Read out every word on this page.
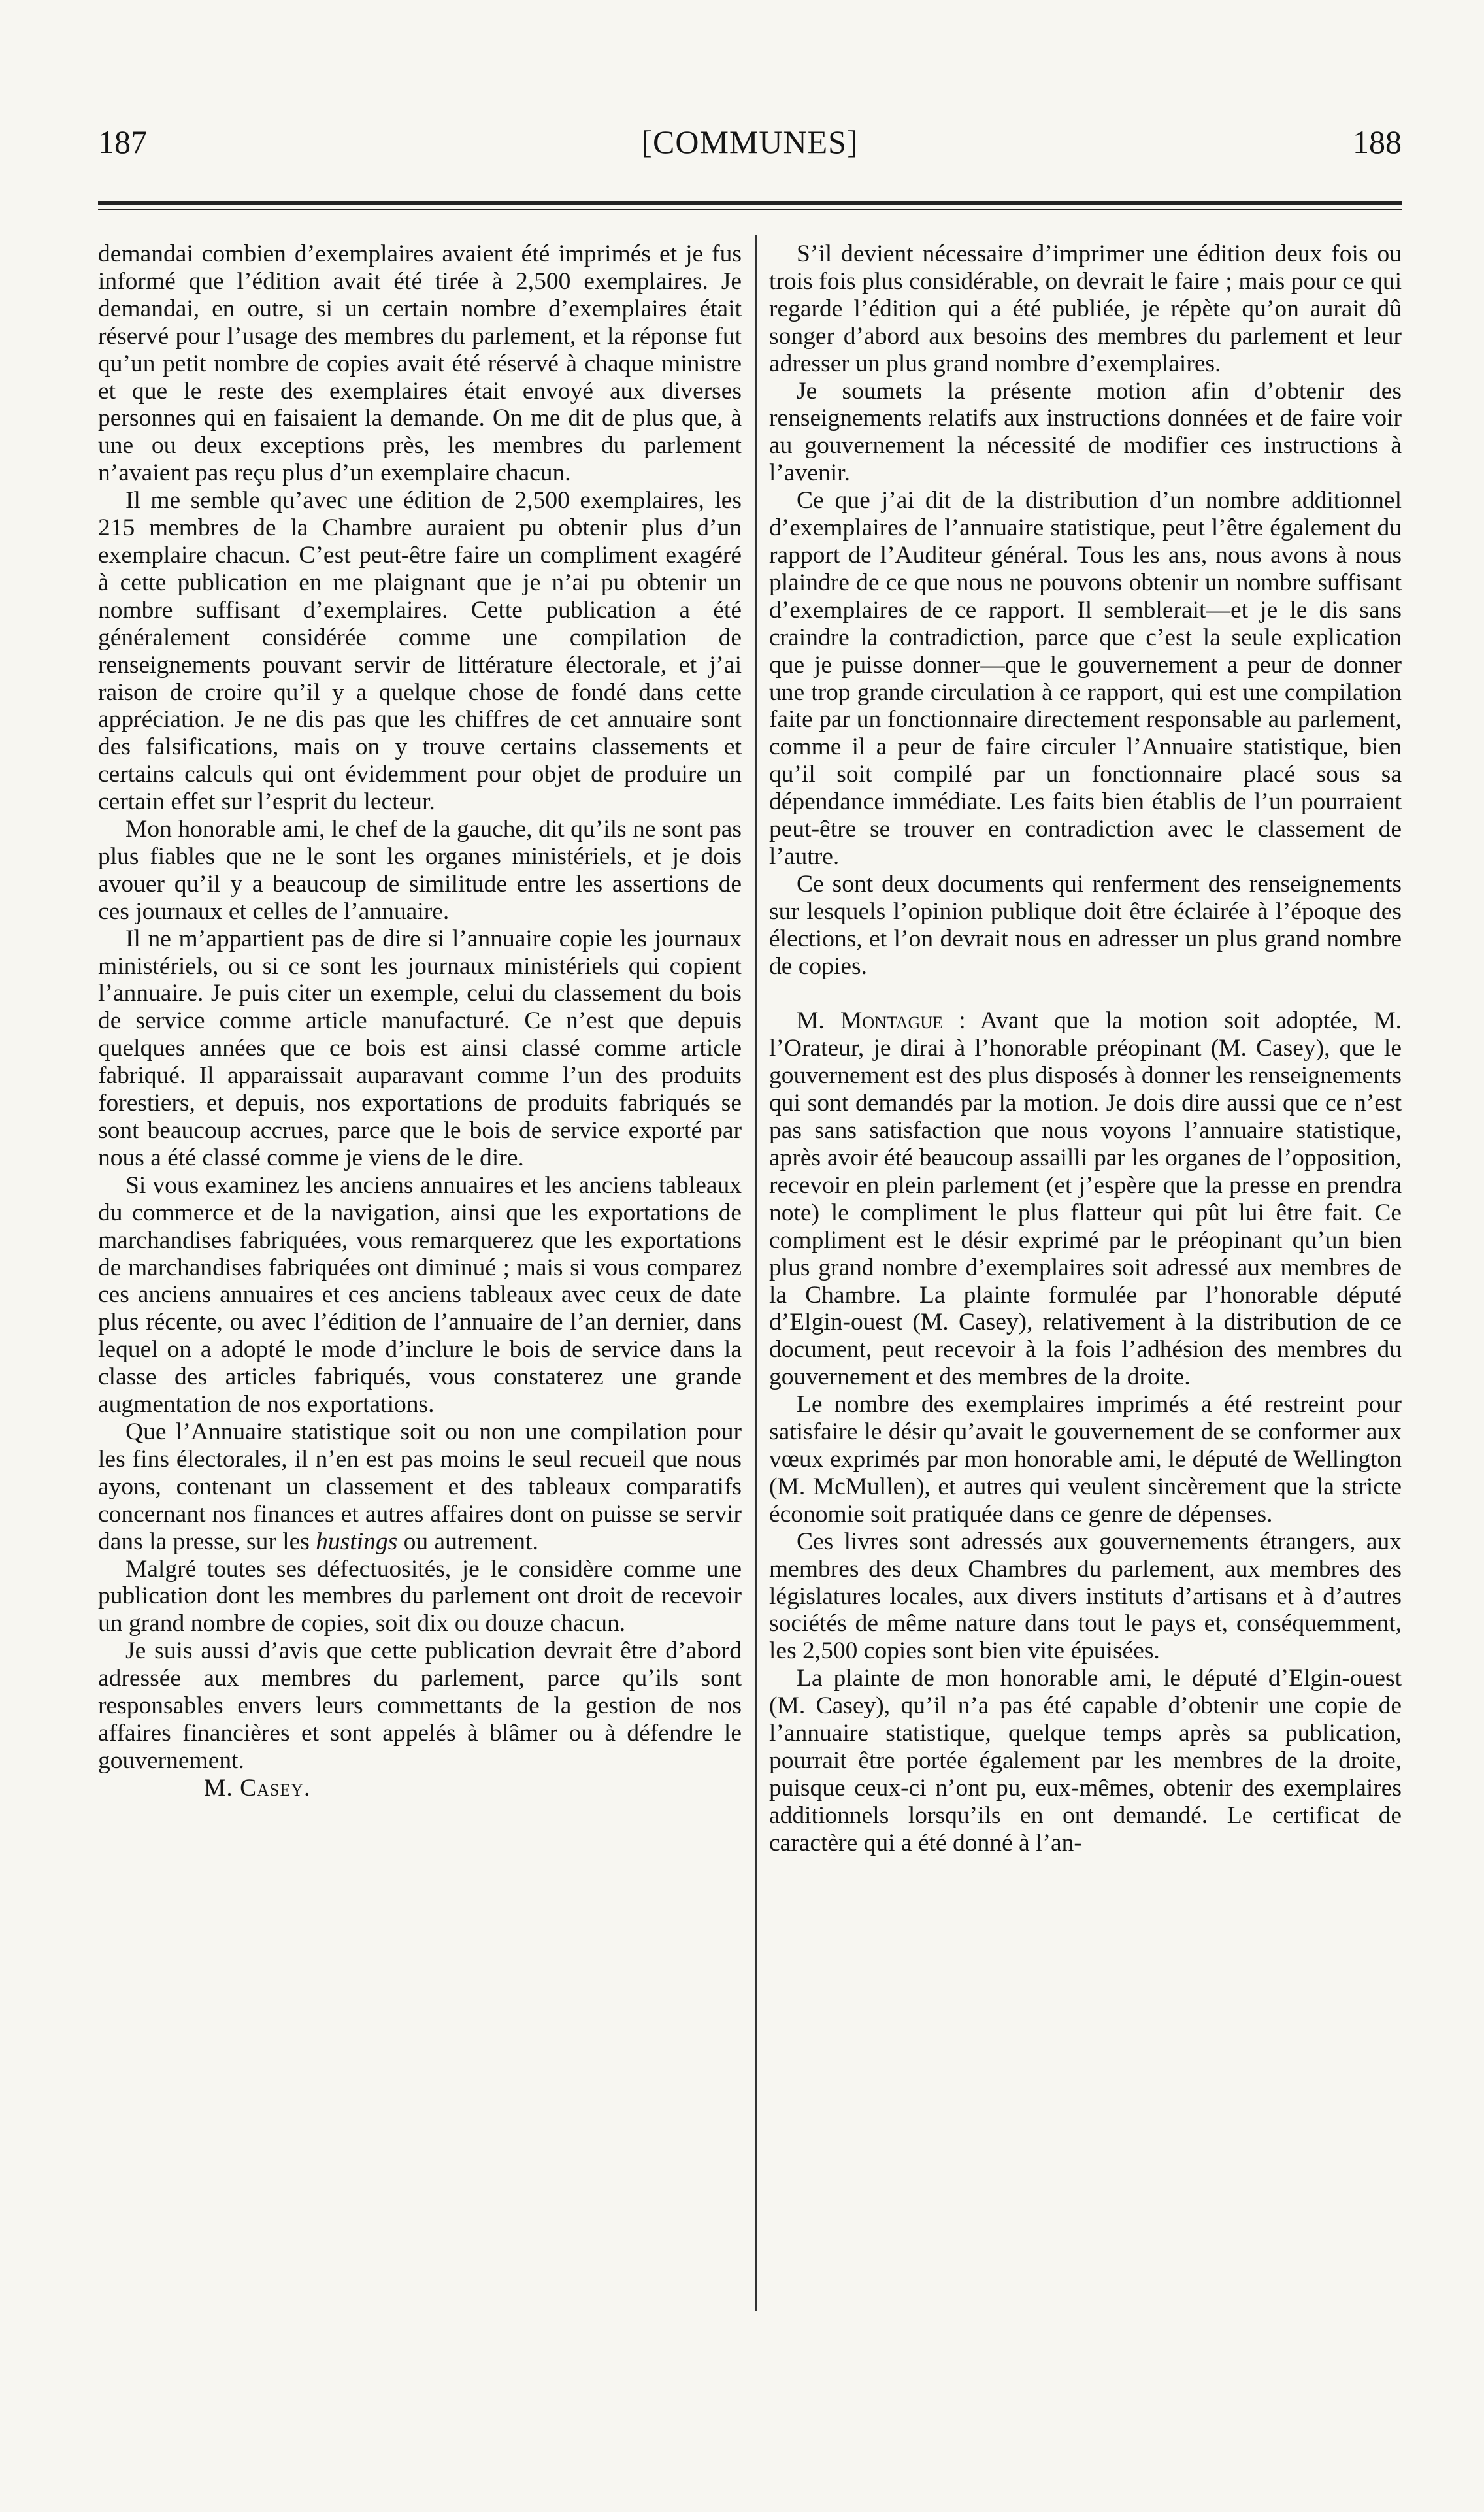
187	[COMMUNES]	188

demandai combien d’exemplaires avaient été imprimés et je fus informé que l’édition avait été tirée à 2,500 exemplaires. Je demandai, en outre, si un certain nombre d’exemplaires était réservé pour l’usage des membres du parlement, et la réponse fut qu’un petit nombre de copies avait été réservé à chaque ministre et que le reste des exemplaires était envoyé aux diverses personnes qui en faisaient la demande. On me dit de plus que, à une ou deux exceptions près, les membres du parlement n’avaient pas reçu plus d’un exemplaire chacun.

Il me semble qu’avec une édition de 2,500 exemplaires, les 215 membres de la Chambre auraient pu obtenir plus d’un exemplaire chacun. C’est peut-être faire un compliment exagéré à cette publication en me plaignant que je n’ai pu obtenir un nombre suffisant d’exemplaires. Cette publication a été généralement considérée comme une compilation de renseignements pouvant servir de littérature électorale, et j’ai raison de croire qu’il y a quelque chose de fondé dans cette appréciation. Je ne dis pas que les chiffres de cet annuaire sont des falsifications, mais on y trouve certains classements et certains calculs qui ont évidemment pour objet de produire un certain effet sur l’esprit du lecteur.

Mon honorable ami, le chef de la gauche, dit qu’ils ne sont pas plus fiables que ne le sont les organes ministériels, et je dois avouer qu’il y a beaucoup de similitude entre les assertions de ces journaux et celles de l’annuaire.

Il ne m’appartient pas de dire si l’annuaire copie les journaux ministériels, ou si ce sont les journaux ministériels qui copient l’annuaire. Je puis citer un exemple, celui du classement du bois de service comme article manufacturé. Ce n’est que depuis quelques années que ce bois est ainsi classé comme article fabriqué. Il apparaissait auparavant comme l’un des produits forestiers, et depuis, nos exportations de produits fabriqués se sont beaucoup accrues, parce que le bois de service exporté par nous a été classé comme je viens de le dire.

Si vous examinez les anciens annuaires et les anciens tableaux du commerce et de la navigation, ainsi que les exportations de marchandises fabriquées, vous remarquerez que les exportations de marchandises fabriquées ont diminué ; mais si vous comparez ces anciens annuaires et ces anciens tableaux avec ceux de date plus récente, ou avec l’édition de l’annuaire de l’an dernier, dans lequel on a adopté le mode d’inclure le bois de service dans la classe des articles fabriqués, vous constaterez une grande augmentation de nos exportations.

Que l’Annuaire statistique soit ou non une compilation pour les fins électorales, il n’en est pas moins le seul recueil que nous ayons, contenant un classement et des tableaux comparatifs concernant nos finances et autres affaires dont on puisse se servir dans la presse, sur les hustings ou autrement.

Malgré toutes ses défectuosités, je le considère comme une publication dont les membres du parlement ont droit de recevoir un grand nombre de copies, soit dix ou douze chacun.

Je suis aussi d’avis que cette publication devrait être d’abord adressée aux membres du parlement, parce qu’ils sont responsables envers leurs commettants de la gestion de nos affaires financières et sont appelés à blâmer ou à défendre le gouvernement.

M. Casey.

S’il devient nécessaire d’imprimer une édition deux fois ou trois fois plus considérable, on devrait le faire ; mais pour ce qui regarde l’édition qui a été publiée, je répète qu’on aurait dû songer d’abord aux besoins des membres du parlement et leur adresser un plus grand nombre d’exemplaires.

Je soumets la présente motion afin d’obtenir des renseignements relatifs aux instructions données et de faire voir au gouvernement la nécessité de modifier ces instructions à l’avenir.

Ce que j’ai dit de la distribution d’un nombre additionnel d’exemplaires de l’annuaire statistique, peut l’être également du rapport de l’Auditeur général. Tous les ans, nous avons à nous plaindre de ce que nous ne pouvons obtenir un nombre suffisant d’exemplaires de ce rapport. Il semblerait—et je le dis sans craindre la contradiction, parce que c’est la seule explication que je puisse donner—que le gouvernement a peur de donner une trop grande circulation à ce rapport, qui est une compilation faite par un fonctionnaire directement responsable au parlement, comme il a peur de faire circuler l’Annuaire statistique, bien qu’il soit compilé par un fonctionnaire placé sous sa dépendance immédiate. Les faits bien établis de l’un pourraient peut-être se trouver en contradiction avec le classement de l’autre.

Ce sont deux documents qui renferment des renseignements sur lesquels l’opinion publique doit être éclairée à l’époque des élections, et l’on devrait nous en adresser un plus grand nombre de copies.

M. Montague : Avant que la motion soit adoptée, M. l’Orateur, je dirai à l’honorable préopinant (M. Casey), que le gouvernement est des plus disposés à donner les renseignements qui sont demandés par la motion. Je dois dire aussi que ce n’est pas sans satisfaction que nous voyons l’annuaire statistique, après avoir été beaucoup assailli par les organes de l’opposition, recevoir en plein parlement (et j’espère que la presse en prendra note) le compliment le plus flatteur qui pût lui être fait. Ce compliment est le désir exprimé par le préopinant qu’un bien plus grand nombre d’exemplaires soit adressé aux membres de la Chambre. La plainte formulée par l’honorable député d’Elgin-ouest (M. Casey), relativement à la distribution de ce document, peut recevoir à la fois l’adhésion des membres du gouvernement et des membres de la droite.

Le nombre des exemplaires imprimés a été restreint pour satisfaire le désir qu’avait le gouvernement de se conformer aux vœux exprimés par mon honorable ami, le député de Wellington (M. McMullen), et autres qui veulent sincèrement que la stricte économie soit pratiquée dans ce genre de dépenses.

Ces livres sont adressés aux gouvernements étrangers, aux membres des deux Chambres du parlement, aux membres des législatures locales, aux divers instituts d’artisans et à d’autres sociétés de même nature dans tout le pays et, conséquemment, les 2,500 copies sont bien vite épuisées.

La plainte de mon honorable ami, le député d’Elgin-ouest (M. Casey), qu’il n’a pas été capable d’obtenir une copie de l’annuaire statistique, quelque temps après sa publication, pourrait être portée également par les membres de la droite, puisque ceux-ci n’ont pu, eux-mêmes, obtenir des exemplaires additionnels lorsqu’ils en ont demandé. Le certificat de caractère qui a été donné à l’an-
